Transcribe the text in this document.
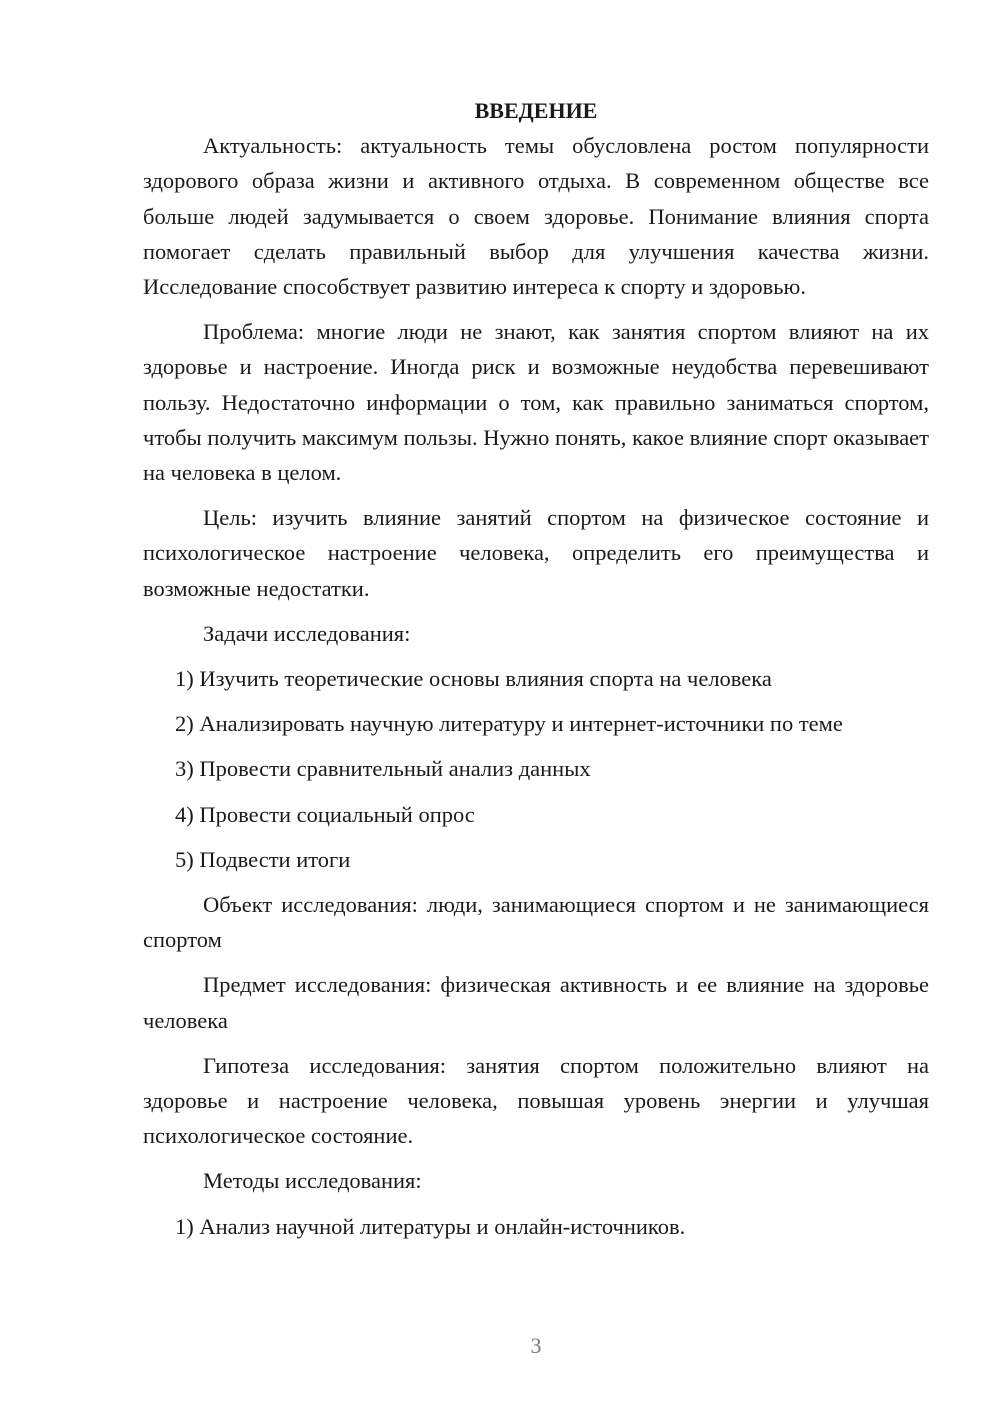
ВВЕДЕНИЕ

Актуальность: актуальность темы обусловлена ростом популярности здорового образа жизни и активного отдыха. В современном обществе все больше людей задумывается о своем здоровье. Понимание влияния спорта помогает сделать правильный выбор для улучшения качества жизни. Исследование способствует развитию интереса к спорту и здоровью.

Проблема: многие люди не знают, как занятия спортом влияют на их здоровье и настроение. Иногда риск и возможные неудобства перевешивают пользу. Недостаточно информации о том, как правильно заниматься спортом, чтобы получить максимум пользы. Нужно понять, какое влияние спорт оказывает на человека в целом.

Цель: изучить влияние занятий спортом на физическое состояние и психологическое настроение человека, определить его преимущества и возможные недостатки.

Задачи исследования:

1) Изучить теоретические основы влияния спорта на человека

2) Анализировать научную литературу и интернет-источники по теме

3) Провести сравнительный анализ данных

4) Провести социальный опрос

5) Подвести итоги

Объект исследования: люди, занимающиеся спортом и не занимающиеся спортом

Предмет исследования: физическая активность и ее влияние на здоровье человека

Гипотеза исследования: занятия спортом положительно влияют на здоровье и настроение человека, повышая уровень энергии и улучшая психологическое состояние.

Методы исследования:

1) Анализ научной литературы и онлайн-источников.

3
